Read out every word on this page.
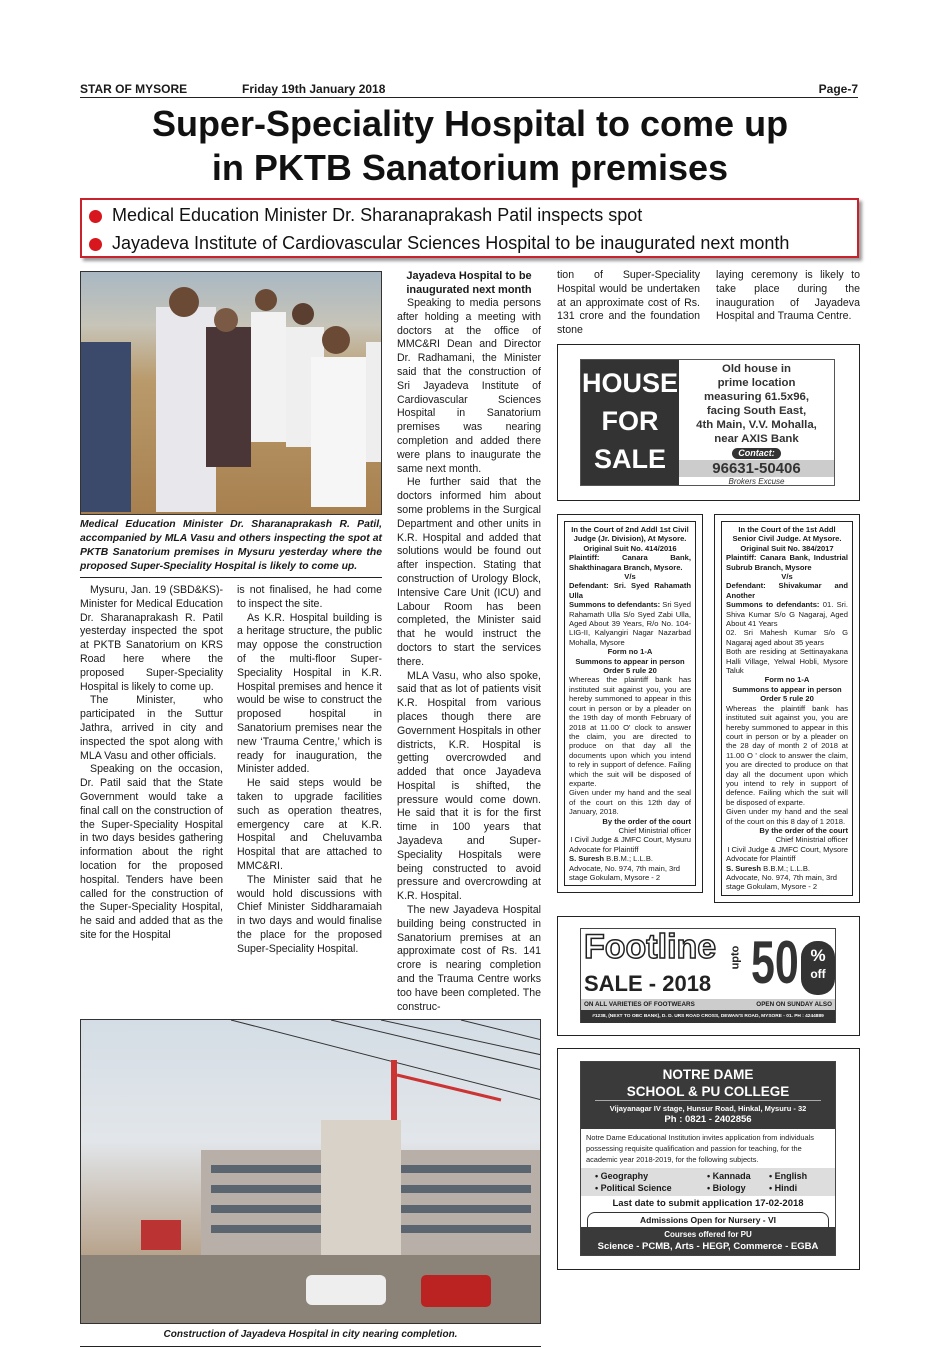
STAR OF MYSORE	Friday 19th January 2018	Page-7
Super-Speciality Hospital to come up
in PKTB Sanatorium premises
Medical Education Minister Dr. Sharanaprakash Patil inspects spot
Jayadeva Institute of Cardiovascular Sciences Hospital to be inaugurated next month
Medical Education Minister Dr. Sharanaprakash R. Patil, accompanied by MLA Vasu and others inspecting the spot at PKTB Sanatorium premises in Mysuru yesterday where the proposed Super-Speciality Hospital is likely to come up.

Mysuru, Jan. 19 (SBD&KS)- Minister for Medical Education Dr. Sharanaprakash R. Patil yesterday inspected the spot at PKTB Sanatorium on KRS Road here where the proposed Super-Speciality Hospital is likely to come up.

The Minister, who participated in the Suttur Jathra, arrived in city and inspected the spot along with MLA Vasu and other officials.

Speaking on the occasion, Dr. Patil said that the State Government would take a final call on the construction of the Super-Speciality Hospital in two days besides gathering information about the right location for the proposed hospital. Tenders have been called for the construction of the Super-Speciality Hospital, he said and added that as the site for the Hospital

is not finalised, he had come to inspect the site.

As K.R. Hospital building is a heritage structure, the public may oppose the construction of the multi-floor Super-Speciality Hospital in K.R. Hospital premises and hence it would be wise to construct the proposed hospital in Sanatorium premises near the new ‘Trauma Centre,’ which is ready for inauguration, the Minister added.

He said steps would be taken to upgrade facilities such as operation theatres, emergency care at K.R. Hospital and Cheluvamba Hospital that are attached to MMC&RI.

The Minister said that he would hold discussions with Chief Minister Siddharamaiah in two days and would finalise the place for the proposed Super-Speciality Hospital.

Jayadeva Hospital to be inaugurated next month

Speaking to media persons after holding a meeting with doctors at the office of MMC&RI Dean and Director Dr. Radhamani, the Minister said that the construction of Sri Jayadeva Institute of Cardiovascular Sciences Hospital in Sanatorium premises was nearing completion and added there were plans to inaugurate the same next month.

He further said that the doctors informed him about some problems in the Surgical Department and other units in K.R. Hospital and added that solutions would be found out after inspection. Stating that construction of Urology Block, Intensive Care Unit (ICU) and Labour Room has been completed, the Minister said that he would instruct the doctors to start the services there.

MLA Vasu, who also spoke, said that as lot of patients visit K.R. Hospital from various places though there are Government Hospitals in other districts, K.R. Hospital is getting overcrowded and added that once Jayadeva Hospital is shifted, the pressure would come down. He said that it is for the first time in 100 years that Jayadeva and Super-Speciality Hospitals were being constructed to avoid pressure and overcrowding at K.R. Hospital.

The new Jayadeva Hospital building being constructed in Sanatorium premises at an approximate cost of Rs. 141 crore is nearing completion and the Trauma Centre works too have been completed. The construc-

Construction of Jayadeva Hospital in city nearing completion.

tion of Super-Speciality Hospital would be undertaken at an approximate cost of Rs. 131 crore and the foundation stone

laying ceremony is likely to take place during the inauguration of Jayadeva Hospital and Trauma Centre.

HOUSE
FOR
SALE
Old house in
prime location
measuring 61.5x96,
facing South East,
4th Main, V.V. Mohalla,
near AXIS Bank
Contact:
96631-50406
Brokers Excuse
In the Court of 2nd Addl 1st Civil Judge (Jr. Division), At Mysore.
Original Suit No. 414/2016
Plaintiff:	Canara Bank, Shakthinagara Branch, Mysore.
V/s
Defendant: Sri. Syed Rahamath Ulla
Summons to defendants: Sri Syed Rahamath Ulla S/o Syed Zabi Ulla, Aged About 39 Years, R/o No. 104-LIG-II, Kalyangiri Nagar Nazarbad Mohalla, Mysore
Form no 1-A
Summons to appear in person
Order 5 rule 20
Whereas the plaintiff bank has instituted suit against you, you are hereby summoned to appear in this court in person or by a pleader on the 19th day of month February of 2018 at 11.00 O' clock to answer the claim, you are directed to produce on that day all the documents upon which you intend to rely in support of defence. Failing which the suit will be disposed of exparte.
Given under my hand and the seal of the court on this 12th day of January, 2018.
By the order of the court
Chief Ministrial officer
I Civil Judge & JMFC Court, Mysuru
Advocate for Plaintiff
S. Suresh B.B.M.; L.L.B.
Advocate, No. 974, 7th main, 3rd stage Gokulam, Mysore - 2
In the Court of the 1st Addl Senior Civil Judge. At Mysore.
Original Suit No. 384/2017
Plaintiff: Canara Bank, Industrial Subrub Branch, Mysore
V/s
Defendant: Shivakumar and Another
Summons to defendants: 01. Sri. Shiva Kumar S/o G Nagaraj, Aged About 41 Years
02. Sri Mahesh Kumar S/o G Nagaraj aged about 35 years
Both are residing at Settinayakana Halli Village, Yelwal Hobli, Mysore Taluk
Form no 1-A
Summons to appear in person
Order 5 rule 20
Whereas the plaintiff bank has instituted suit against you, you are hereby summoned to appear in this court in person or by a pleader on the 28 day of month 2 of 2018 at 11.00 O ' clock to answer the claim, you are directed to produce on that day all the document upon which you intend to rely in support of defence. Failing which the suit will be disposed of exparte.
Given under my hand and the seal of the court on this 8 day of 1 2018.
By the order of the court
Chief Ministrial officer
I Civil Judge & JMFC Court, Mysore
Advocate for Plaintiff
S. Suresh B.B.M.; L.L.B.
Advocate, No. 974, 7th main, 3rd stage Gokulam, Mysore - 2
Footline
SALE - 2018
upto 50 %
off
ON ALL VARIETIES OF FOOTWEARS	OPEN ON SUNDAY ALSO
#1238, (NEXT TO OBC BANK), D. D. URS ROAD CROSS, DEWAN'S ROAD, MYSORE - 01. PH : 4244889
NOTRE DAME
SCHOOL & PU COLLEGE
Vijayanagar IV stage, Hunsur Road, Hinkal, Mysuru - 32
Ph : 0821 - 2402856
Notre Dame Educational Institution invites application from individuals possessing requisite qualification and passion for teaching, for the academic year 2018-2019, for the following subjects.
• Geography	• Kannada	• English
• Political Science	• Biology	• Hindi
Last date to submit application 17-02-2018
Admissions Open for Nursery - VI
Courses offered for PU
Science - PCMB, Arts - HEGP, Commerce - EGBA
